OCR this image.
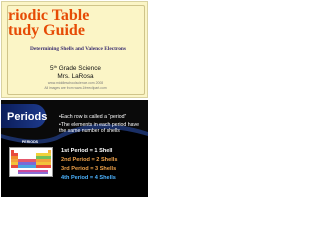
riodic Table
tudy Guide
Determining Shells and Valence Electrons
5th Grade Science
Mrs. LaRosa
www.middleschoolscience.com 2008
All images are from www.1freeclipart.com
Periods •Each row is called a “period”
•The elements in each period have the same number of shells
PERIODS
1st Period = 1 Shell
2nd Period = 2 Shells
3rd Period = 3 Shells
4th Period = 4 Shells
